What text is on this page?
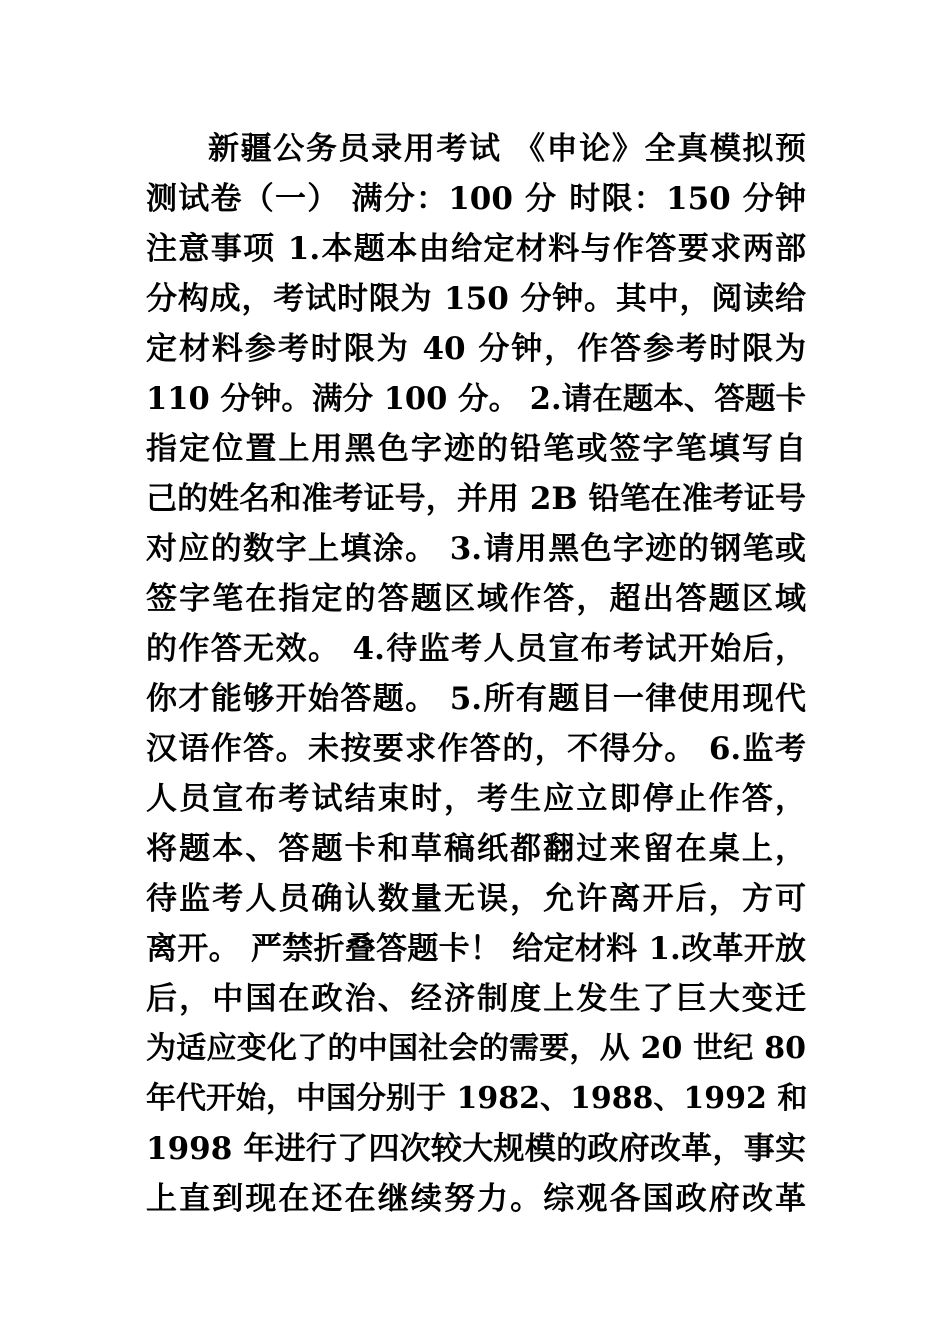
新疆公务员录用考试 《申论》全真模拟预
测试卷（一） 满分：100 分 时限：150 分钟
注意事项 1.本题本由给定材料与作答要求两部
分构成，考试时限为 150 分钟。其中，阅读给
定材料参考时限为 40 分钟，作答参考时限为
110 分钟。满分 100 分。 2.请在题本、答题卡
指定位置上用黑色字迹的铅笔或签字笔填写自
己的姓名和准考证号，并用 2B 铅笔在准考证号
对应的数字上填涂。 3.请用黑色字迹的钢笔或
签字笔在指定的答题区域作答，超出答题区域
的作答无效。 4.待监考人员宣布考试开始后，
你才能够开始答题。 5.所有题目一律使用现代
汉语作答。未按要求作答的，不得分。 6.监考
人员宣布考试结束时，考生应立即停止作答，
将题本、答题卡和草稿纸都翻过来留在桌上，
待监考人员确认数量无误，允许离开后，方可
离开。 严禁折叠答题卡！ 给定材料 1.改革开放
后，中国在政治、经济制度上发生了巨大变迁
为适应变化了的中国社会的需要，从 20 世纪 80
年代开始，中国分别于 1982、1988、1992 和
1998 年进行了四次较大规模的政府改革，事实
上直到现在还在继续努力。综观各国政府改革
